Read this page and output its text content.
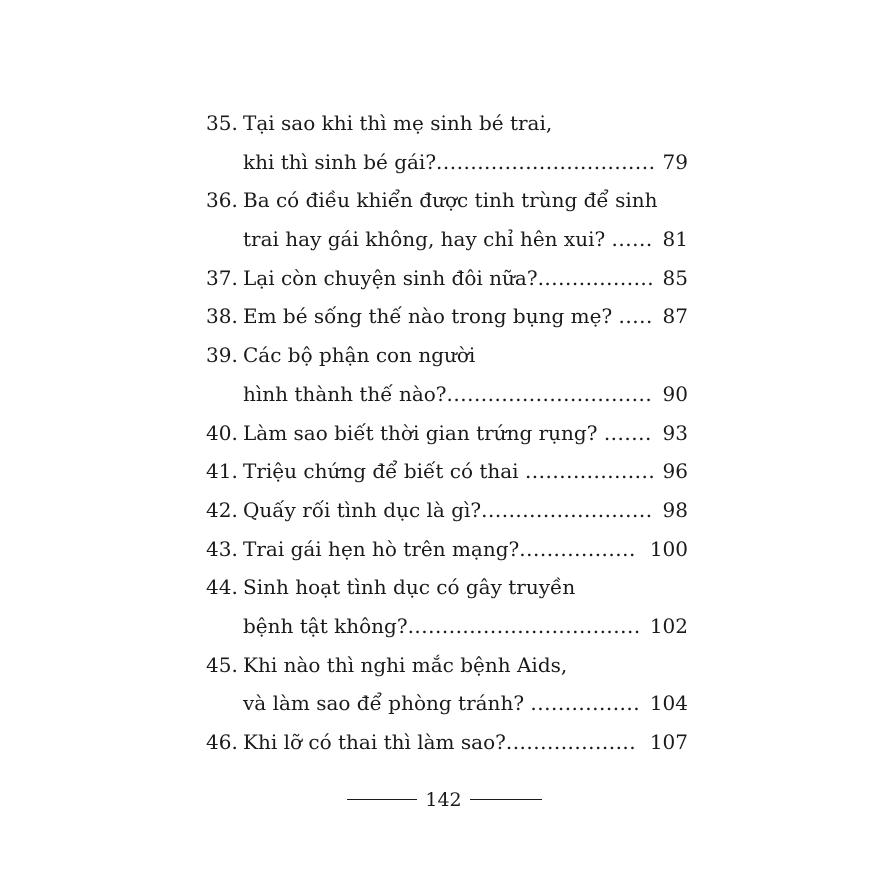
35. Tại sao khi thì mẹ sinh bé trai,
khi thì sinh bé gái?................................ 79
36. Ba có điều khiển được tinh trùng để sinh
trai hay gái không, hay chỉ hên xui? ...... 81
37. Lại còn chuyện sinh đôi nữa?................. 85
38. Em bé sống thế nào trong bụng mẹ? ..... 87
39. Các bộ phận con người
hình thành thế nào?.............................. 90
40. Làm sao biết thời gian trứng rụng? ....... 93
41. Triệu chứng để biết có thai ................... 96
42. Quấy rối tình dục là gì?......................... 98
43. Trai gái hẹn hò trên mạng?................. 100
44. Sinh hoạt tình dục có gây truyền
bệnh tật không?.................................. 102
45. Khi nào thì nghi mắc bệnh Aids,
và làm sao để phòng tránh? ................ 104
46. Khi lỡ có thai thì làm sao?................... 107
142
